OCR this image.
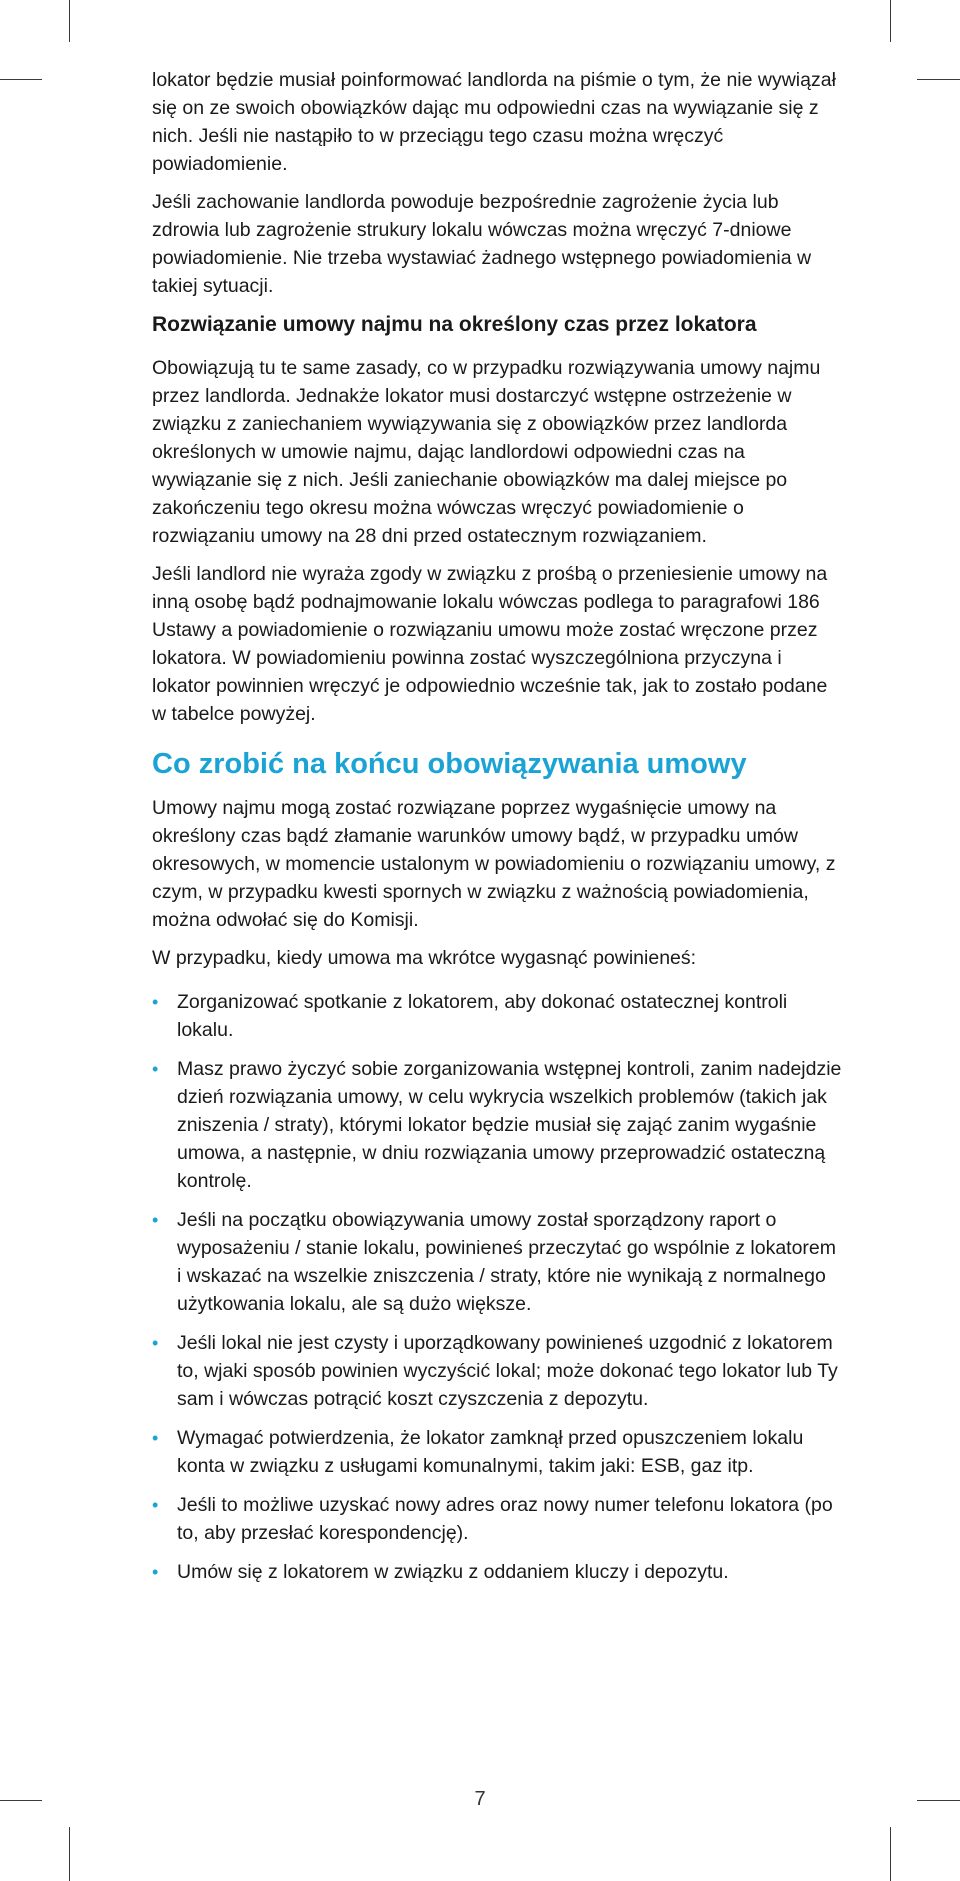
lokator będzie musiał poinformować landlorda na piśmie o tym, że nie wywiązał się on ze swoich obowiązków dając mu odpowiedni czas na wywiązanie się z nich. Jeśli nie nastąpiło to w przeciągu tego czasu można wręczyć powiadomienie.

Jeśli zachowanie landlorda powoduje bezpośrednie zagrożenie życia lub zdrowia lub zagrożenie strukury lokalu wówczas można wręczyć 7-dniowe powiadomienie. Nie trzeba wystawiać żadnego wstępnego powiadomienia w takiej sytuacji.

Rozwiązanie umowy najmu na określony czas przez lokatora

Obowiązują tu te same zasady, co w przypadku rozwiązywania umowy najmu przez landlorda. Jednakże lokator musi dostarczyć wstępne ostrzeżenie w związku z zaniechaniem wywiązywania się z obowiązków przez landlorda określonych w umowie najmu, dając landlordowi odpowiedni czas na wywiązanie się z nich. Jeśli zaniechanie obowiązków ma dalej miejsce po zakończeniu tego okresu można wówczas wręczyć powiadomienie o rozwiązaniu umowy na 28 dni przed ostatecznym rozwiązaniem.

Jeśli landlord nie wyraża zgody w związku z prośbą o przeniesienie umowy na inną osobę bądź podnajmowanie lokalu wówczas podlega to paragrafowi 186 Ustawy a powiadomienie o rozwiązaniu umowu może zostać wręczone przez lokatora. W powiadomieniu powinna zostać wyszczególniona przyczyna i lokator powinnien wręczyć je odpowiednio wcześnie tak, jak to zostało podane w tabelce powyżej.

Co zrobić na końcu obowiązywania umowy

Umowy najmu mogą zostać rozwiązane poprzez wygaśnięcie umowy na określony czas bądź złamanie warunków umowy bądź, w przypadku umów okresowych, w momencie ustalonym w powiadomieniu o rozwiązaniu umowy, z czym, w przypadku kwesti spornych w związku z ważnością powiadomienia, można odwołać się do Komisji.

W przypadku, kiedy umowa ma wkrótce wygasnąć powinieneś:

• Zorganizować spotkanie z lokatorem, aby dokonać ostatecznej kontroli lokalu.
• Masz prawo życzyć sobie zorganizowania wstępnej kontroli, zanim nadejdzie dzień rozwiązania umowy, w celu wykrycia wszelkich problemów (takich jak zniszenia / straty), którymi lokator będzie musiał się zająć zanim wygaśnie umowa, a następnie, w dniu rozwiązania umowy przeprowadzić ostateczną kontrolę.
• Jeśli na początku obowiązywania umowy został sporządzony raport o wyposażeniu / stanie lokalu, powinieneś przeczytać go wspólnie z lokatorem i wskazać na wszelkie zniszczenia / straty, które nie wynikają z normalnego użytkowania lokalu, ale są dużo większe.
• Jeśli lokal nie jest czysty i uporządkowany powinieneś uzgodnić z lokatorem to, wjaki sposób powinien wyczyścić lokal; może dokonać tego lokator lub Ty sam i wówczas potrącić koszt czyszczenia z depozytu.
• Wymagać potwierdzenia, że lokator zamknął przed opuszczeniem lokalu konta w związku z usługami komunalnymi, takim jaki: ESB, gaz itp.
• Jeśli to możliwe uzyskać nowy adres oraz nowy numer telefonu lokatora (po to, aby przesłać korespondencję).
• Umów się z lokatorem w związku z oddaniem kluczy i depozytu.
7
